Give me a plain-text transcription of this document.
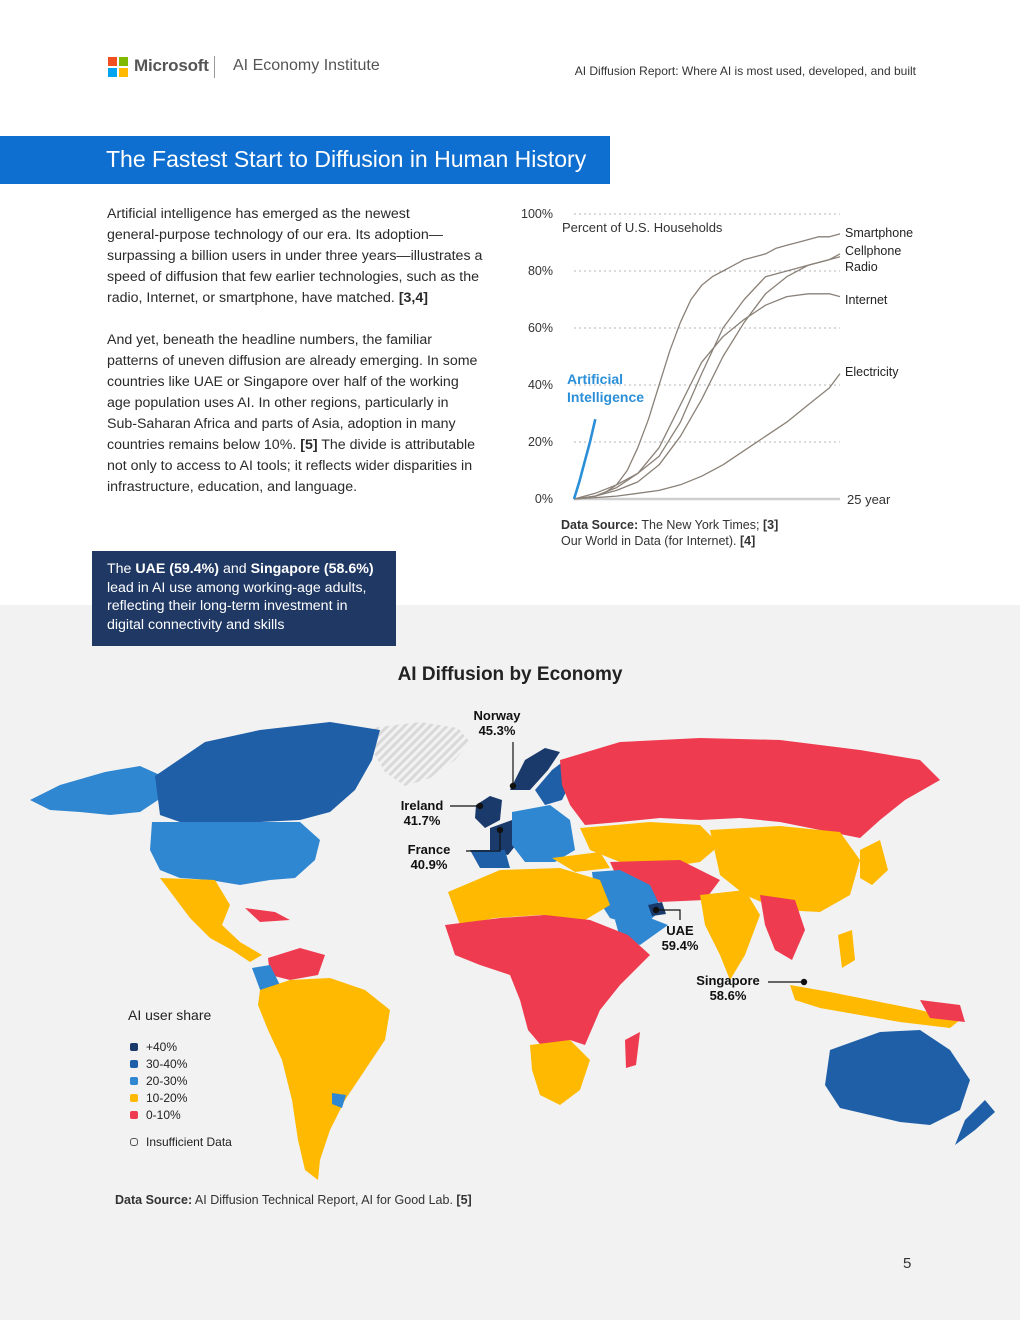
Microsoft AI Economy Institute	AI Diffusion Report: Where AI is most used, developed, and built
The Fastest Start to Diffusion in Human History
Artificial intelligence has emerged as the newest
general-purpose technology of our era. Its adoption—
surpassing a billion users in under three years—illustrates a
speed of diffusion that few earlier technologies, such as the
radio, Internet, or smartphone, have matched. [3,4]
And yet, beneath the headline numbers, the familiar
patterns of uneven diffusion are already emerging. In some
countries like UAE or Singapore over half of the working
age population uses AI. In other regions, particularly in
Sub-Saharan Africa and parts of Asia, adoption in many
countries remains below 10%. [5] The divide is attributable
not only to access to AI tools; it reflects wider disparities in
infrastructure, education, and language.
0%
20%
40%
60%
80%
100%
Percent of U.S. Households
25 year
Smartphone
Cellphone
Radio
Internet
Electricity
Artificial
Intelligence
Data Source: The New York Times; [3]
Our World in Data (for Internet). [4]
The UAE (59.4%) and Singapore (58.6%)
lead in AI use among working-age adults,
reflecting their long-term investment in
digital connectivity and skills
AI Diffusion by Economy
Norway
45.3%
Ireland
41.7%
France
40.9%
UAE
59.4%
Singapore
58.6%
AI user share
+40%
30-40%
20-30%
10-20%
0-10%
Insufficient Data
Data Source: AI Diffusion Technical Report, AI for Good Lab. [5]
5
